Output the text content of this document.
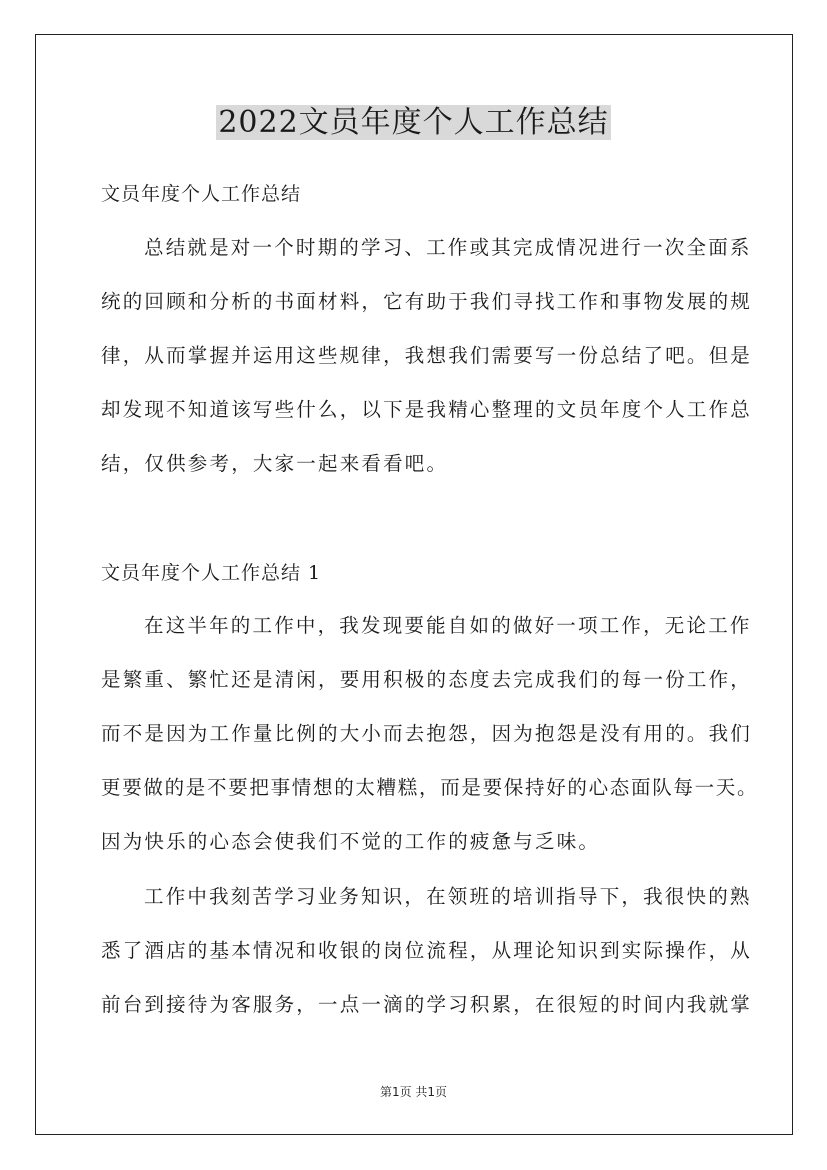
2022文员年度个人工作总结
文员年度个人工作总结
总结就是对一个时期的学习、工作或其完成情况进行一次全面系
统的回顾和分析的书面材料，它有助于我们寻找工作和事物发展的规
律，从而掌握并运用这些规律，我想我们需要写一份总结了吧。但是
却发现不知道该写些什么，以下是我精心整理的文员年度个人工作总
结，仅供参考，大家一起来看看吧。
文员年度个人工作总结 1
在这半年的工作中，我发现要能自如的做好一项工作，无论工作
是繁重、繁忙还是清闲，要用积极的态度去完成我们的每一份工作，
而不是因为工作量比例的大小而去抱怨，因为抱怨是没有用的。我们
更要做的是不要把事情想的太糟糕，而是要保持好的心态面队每一天。
因为快乐的心态会使我们不觉的工作的疲惫与乏味。
工作中我刻苦学习业务知识，在领班的培训指导下，我很快的熟
悉了酒店的基本情况和收银的岗位流程，从理论知识到实际操作，从
前台到接待为客服务，一点一滴的学习积累，在很短的时间内我就掌
第1页 共1页
